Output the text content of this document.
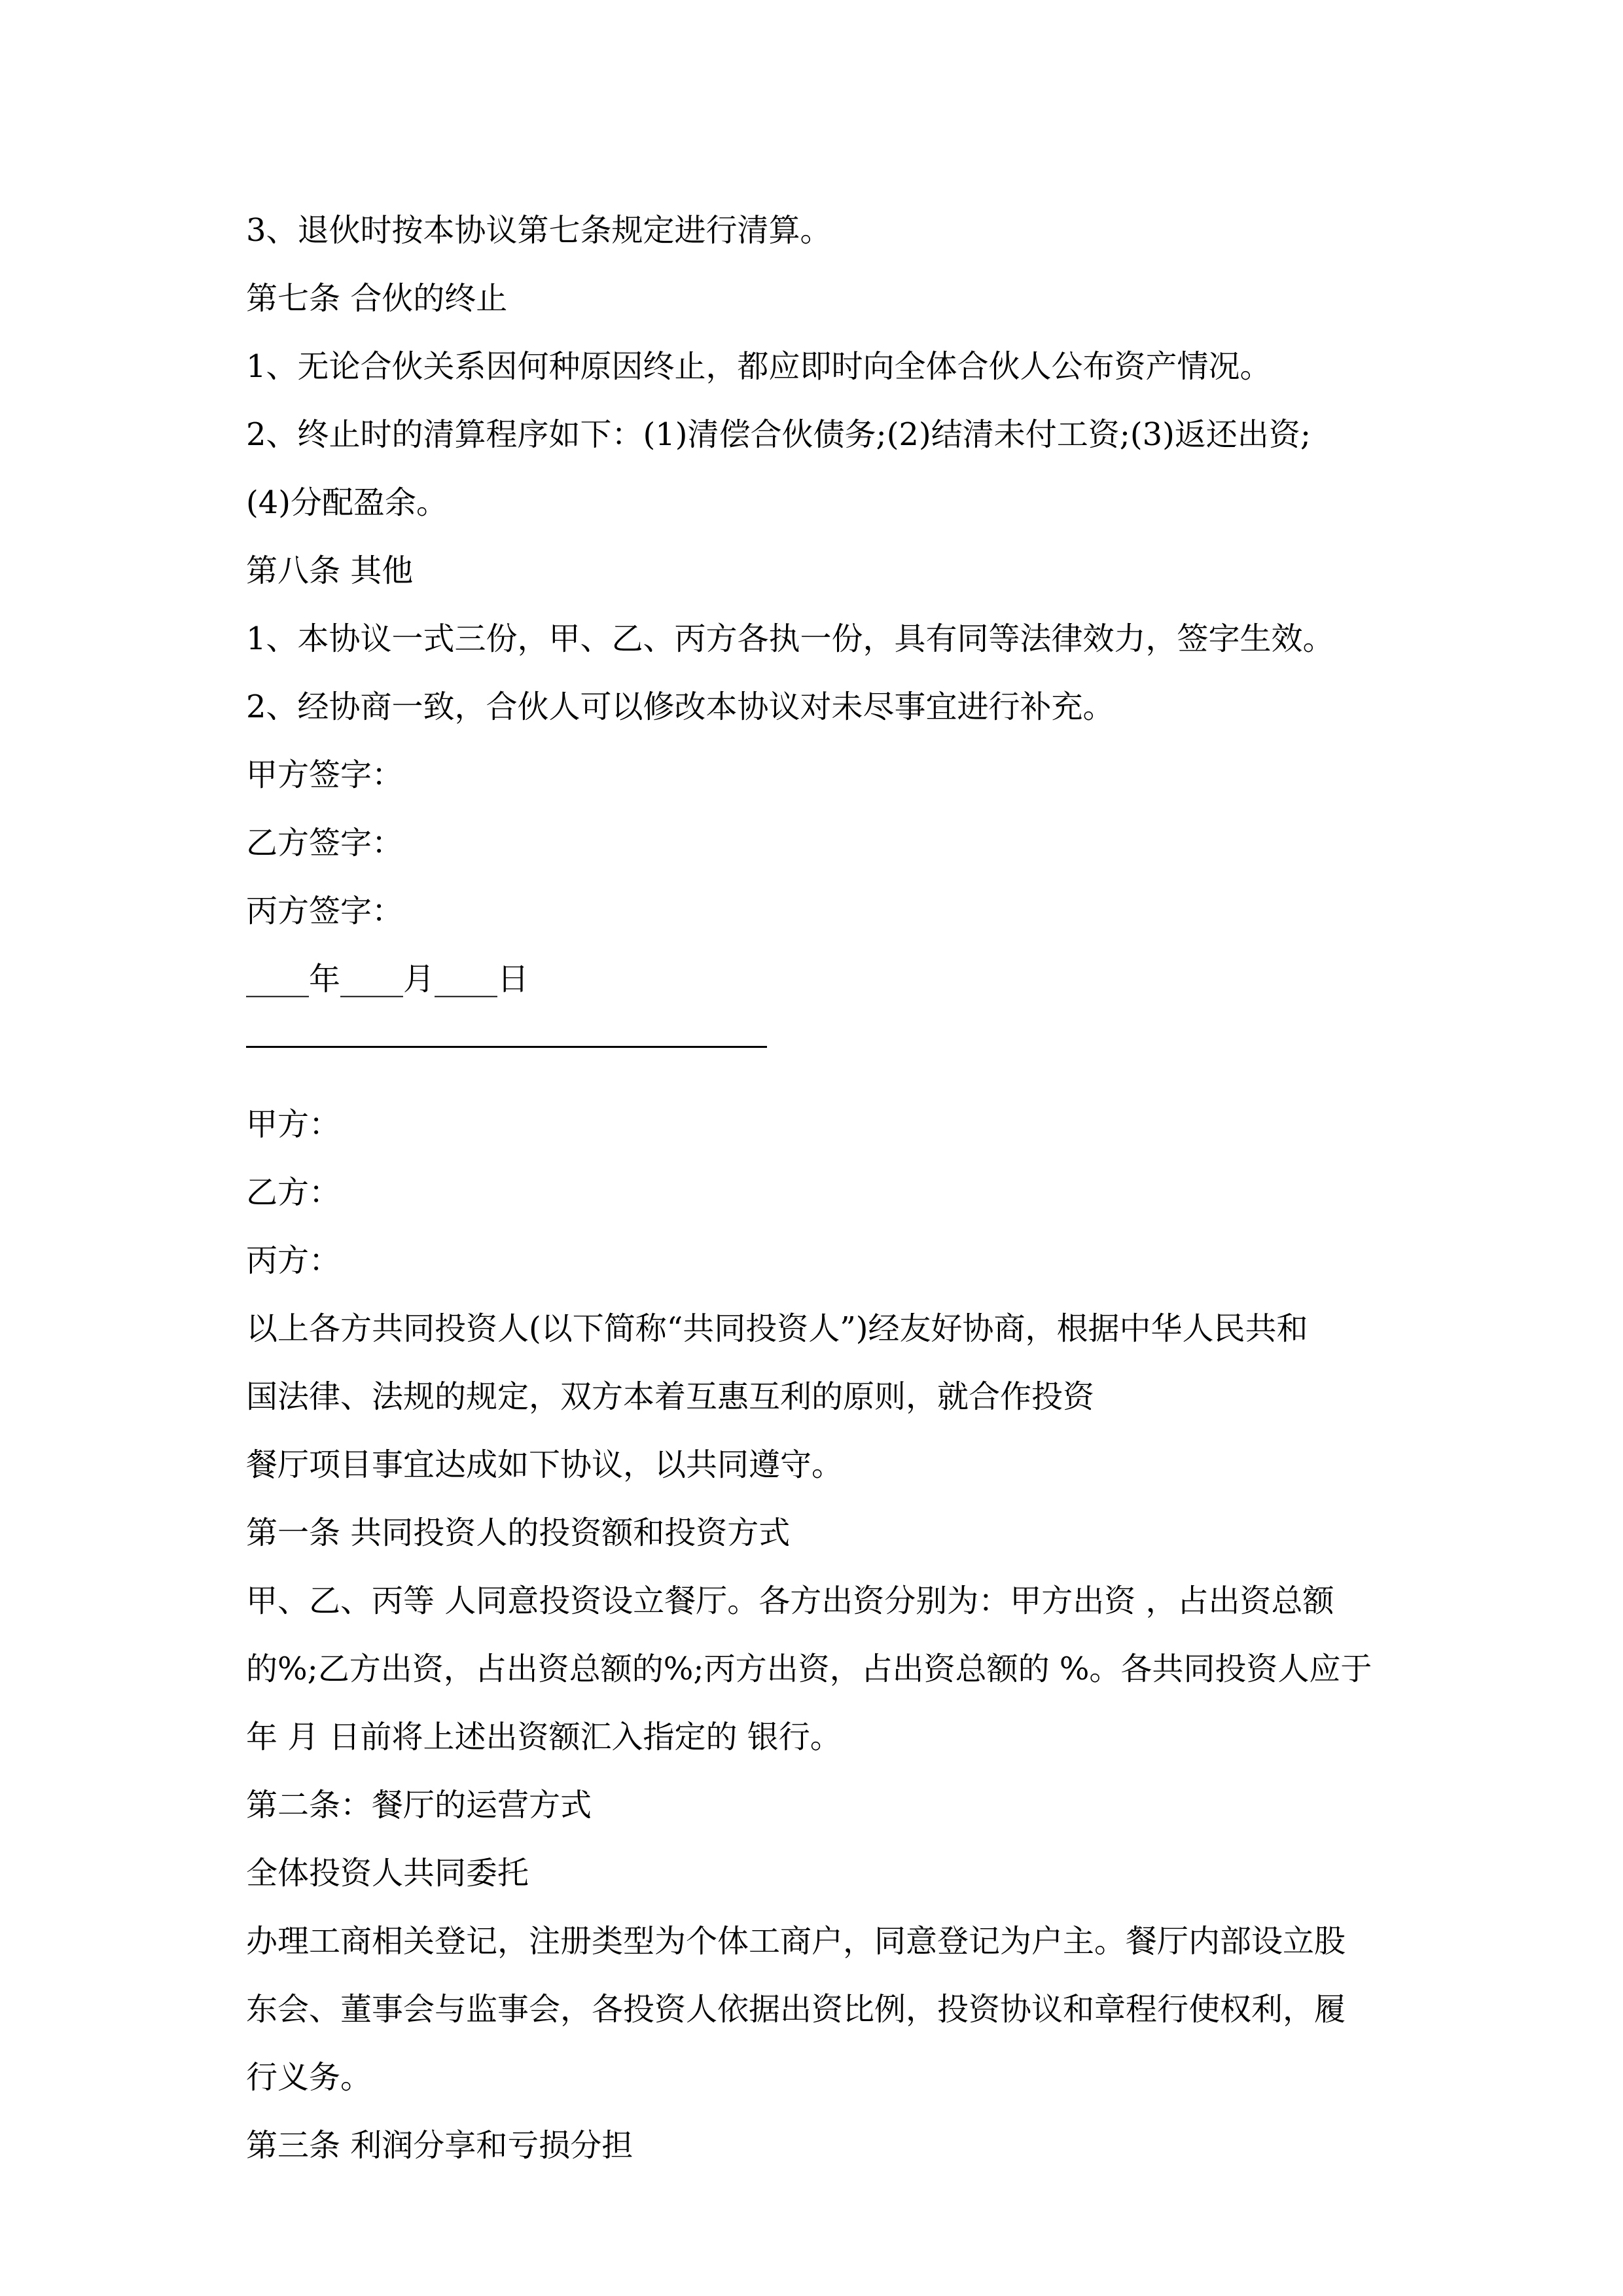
3、退伙时按本协议第七条规定进行清算。

第七条 合伙的终止

1、无论合伙关系因何种原因终止，都应即时向全体合伙人公布资产情况。

2、终止时的清算程序如下：(1)清偿合伙债务;(2)结清未付工资;(3)返还出资;

(4)分配盈余。

第八条 其他

1、本协议一式三份，甲、乙、丙方各执一份，具有同等法律效力，签字生效。

2、经协商一致，合伙人可以修改本协议对未尽事宜进行补充。

甲方签字：

乙方签字：

丙方签字：

____年____月____日

甲方：

乙方：

丙方：

以上各方共同投资人(以下简称“共同投资人”)经友好协商，根据中华人民共和

国法律、法规的规定，双方本着互惠互利的原则，就合作投资

餐厅项目事宜达成如下协议，以共同遵守。

第一条 共同投资人的投资额和投资方式

甲、乙、丙等 人同意投资设立餐厅。各方出资分别为：甲方出资 ，占出资总额

的%;乙方出资，占出资总额的%;丙方出资，占出资总额的 %。各共同投资人应于

年 月 日前将上述出资额汇入指定的 银行。

第二条：餐厅的运营方式

全体投资人共同委托

办理工商相关登记，注册类型为个体工商户，同意登记为户主。餐厅内部设立股

东会、董事会与监事会，各投资人依据出资比例，投资协议和章程行使权利，履

行义务。

第三条 利润分享和亏损分担
